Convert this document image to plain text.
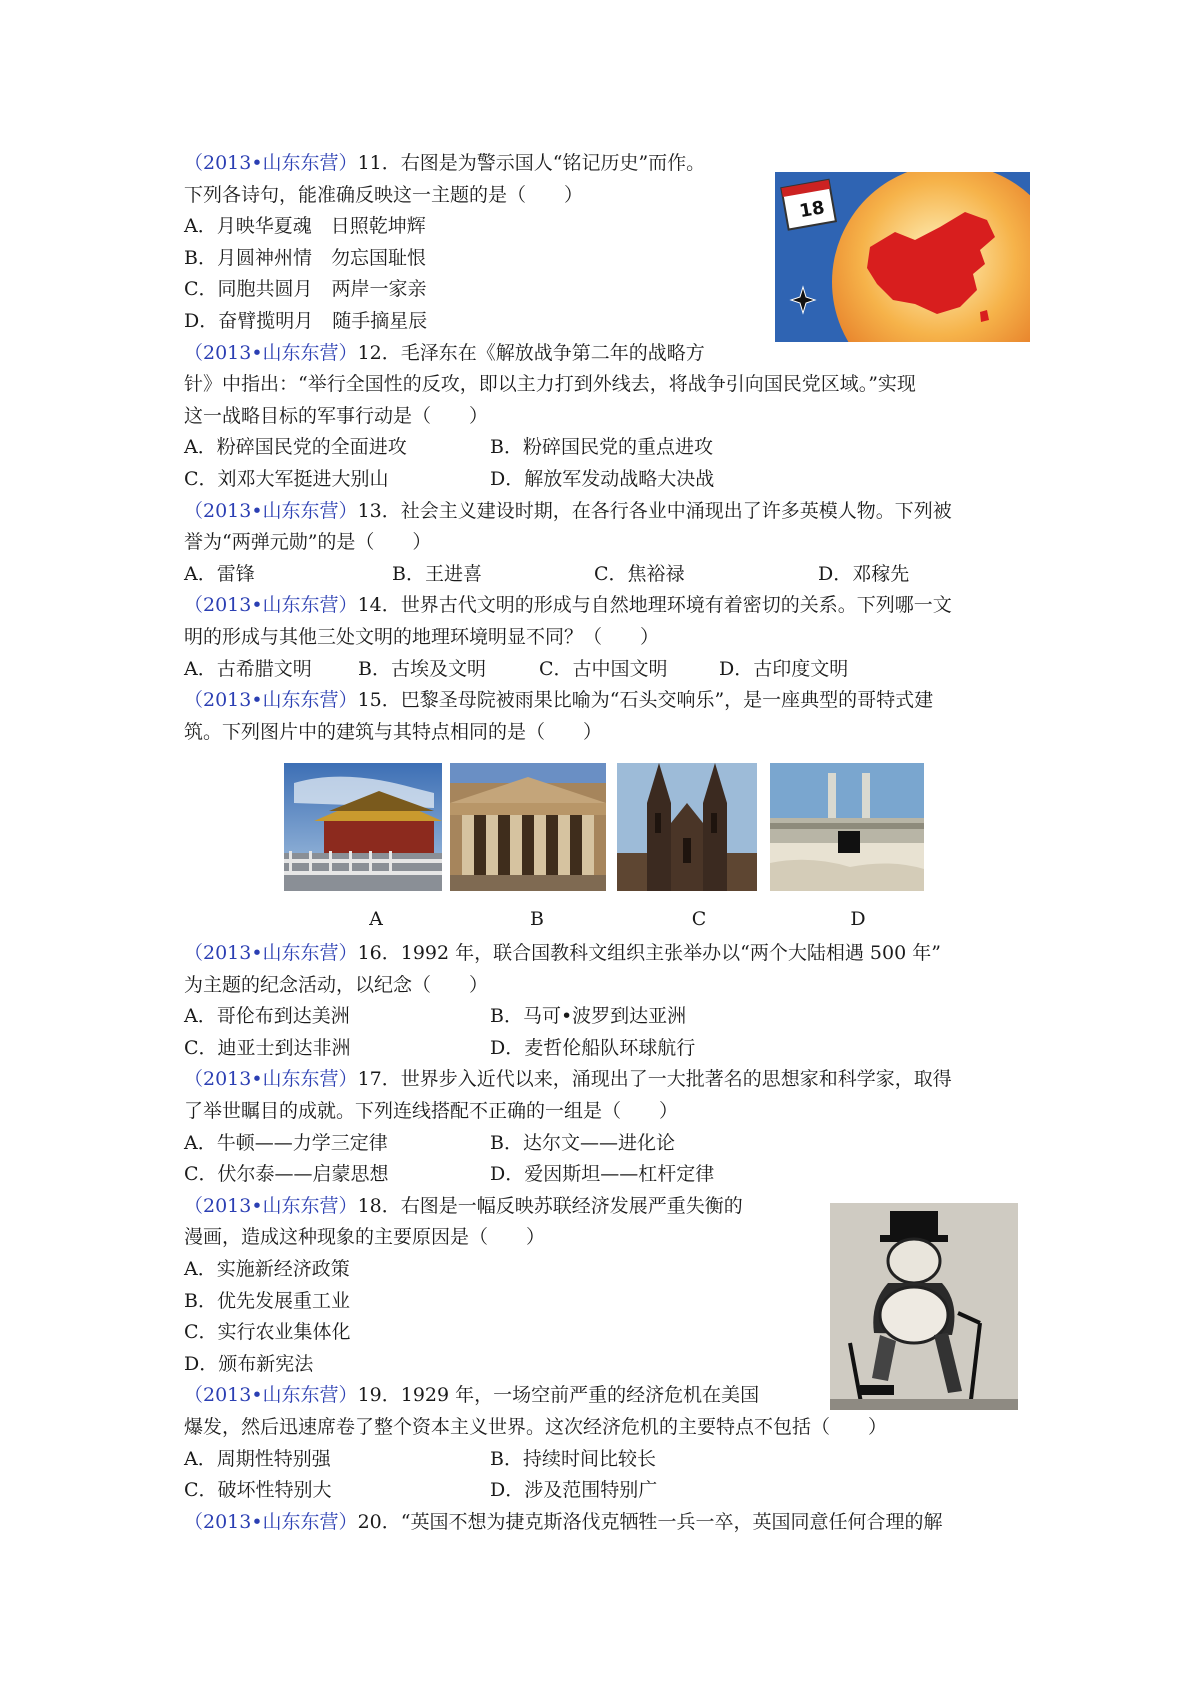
（2013•山东东营）11．右图是为警示国人“铭记历史”而作。
下列各诗句，能准确反映这一主题的是（　　）
A．月映华夏魂　日照乾坤辉
B．月圆神州情　勿忘国耻恨
C．同胞共圆月　两岸一家亲
D．奋臂揽明月　随手摘星辰
（2013•山东东营）12．毛泽东在《解放战争第二年的战略方
针》中指出：“举行全国性的反攻，即以主力打到外线去，将战争引向国民党区域。”实现
这一战略目标的军事行动是（　　）
A．粉碎国民党的全面进攻	B．粉碎国民党的重点进攻
C．刘邓大军挺进大别山	D．解放军发动战略大决战
（2013•山东东营）13．社会主义建设时期，在各行各业中涌现出了许多英模人物。下列被
誉为“两弹元勋”的是（　　）
A．雷锋	B．王进喜	C．焦裕禄	D．邓稼先
（2013•山东东营）14．世界古代文明的形成与自然地理环境有着密切的关系。下列哪一文
明的形成与其他三处文明的地理环境明显不同？（　　）
A．古希腊文明 B．古埃及文明	C．古中国文明	D．古印度文明
（2013•山东东营）15．巴黎圣母院被雨果比喻为“石头交响乐”，是一座典型的哥特式建
筑。下列图片中的建筑与其特点相同的是（　　）
A	B	C	D
（2013•山东东营）16．1992 年，联合国教科文组织主张举办以“两个大陆相遇 500 年”
为主题的纪念活动，以纪念（　　）
A．哥伦布到达美洲	B．马可•波罗到达亚洲
C．迪亚士到达非洲	D．麦哲伦船队环球航行
（2013•山东东营）17．世界步入近代以来，涌现出了一大批著名的思想家和科学家，取得
了举世瞩目的成就。下列连线搭配不正确的一组是（　　）
A．牛顿——力学三定律	B．达尔文——进化论
C．伏尔泰——启蒙思想	D．爱因斯坦——杠杆定律
（2013•山东东营）18．右图是一幅反映苏联经济发展严重失衡的
漫画，造成这种现象的主要原因是（　　）
A．实施新经济政策
B．优先发展重工业
C．实行农业集体化
D．颁布新宪法
（2013•山东东营）19．1929 年，一场空前严重的经济危机在美国
爆发，然后迅速席卷了整个资本主义世界。这次经济危机的主要特点不包括（　　）
A．周期性特别强	B．持续时间比较长
C．破坏性特别大	D．涉及范围特别广
（2013•山东东营）20．“英国不想为捷克斯洛伐克牺牲一兵一卒，英国同意任何合理的解
18
